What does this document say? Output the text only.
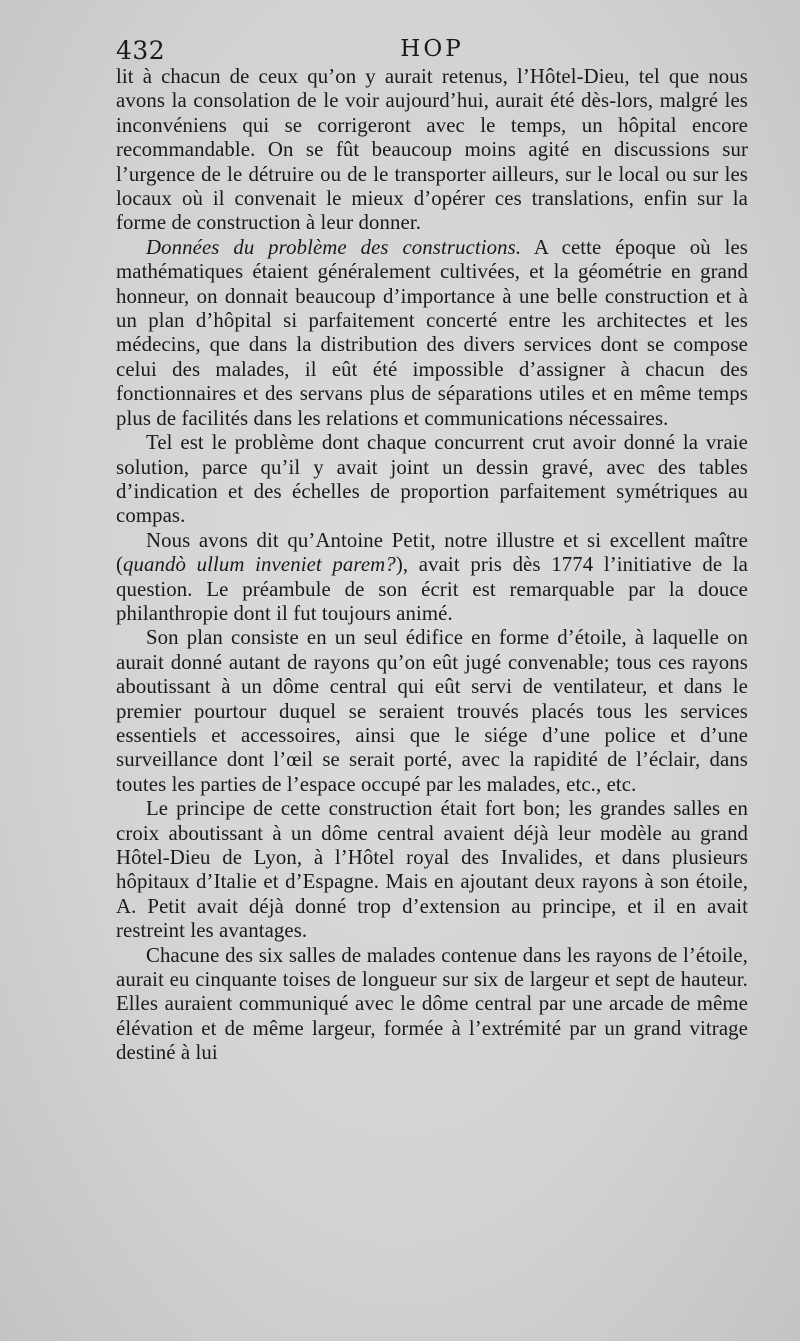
432	HOP

lit à chacun de ceux qu’on y aurait retenus, l’Hôtel-Dieu, tel que nous avons la consolation de le voir aujourd’hui, aurait été dès-lors, malgré les inconvéniens qui se corrigeront avec le temps, un hôpital encore recommandable. On se fût beaucoup moins agité en discussions sur l’urgence de le détruire ou de le transporter ailleurs, sur le local ou sur les locaux où il convenait le mieux d’opérer ces translations, enfin sur la forme de construction à leur donner.

Données du problème des constructions. A cette époque où les mathématiques étaient généralement cultivées, et la géométrie en grand honneur, on donnait beaucoup d’importance à une belle construction et à un plan d’hôpital si parfaitement concerté entre les architectes et les médecins, que dans la distribution des divers services dont se compose celui des malades, il eût été impossible d’assigner à chacun des fonctionnaires et des servans plus de séparations utiles et en même temps plus de facilités dans les relations et communications nécessaires.

Tel est le problème dont chaque concurrent crut avoir donné la vraie solution, parce qu’il y avait joint un dessin gravé, avec des tables d’indication et des échelles de proportion parfaitement symétriques au compas.

Nous avons dit qu’Antoine Petit, notre illustre et si excellent maître (quandò ullum inveniet parem?), avait pris dès 1774 l’initiative de la question. Le préambule de son écrit est remarquable par la douce philanthropie dont il fut toujours animé.

Son plan consiste en un seul édifice en forme d’étoile, à laquelle on aurait donné autant de rayons qu’on eût jugé convenable; tous ces rayons aboutissant à un dôme central qui eût servi de ventilateur, et dans le premier pourtour duquel se seraient trouvés placés tous les services essentiels et accessoires, ainsi que le siége d’une police et d’une surveillance dont l’œil se serait porté, avec la rapidité de l’éclair, dans toutes les parties de l’espace occupé par les malades, etc., etc.

Le principe de cette construction était fort bon; les grandes salles en croix aboutissant à un dôme central avaient déjà leur modèle au grand Hôtel-Dieu de Lyon, à l’Hôtel royal des Invalides, et dans plusieurs hôpitaux d’Italie et d’Espagne. Mais en ajoutant deux rayons à son étoile, A. Petit avait déjà donné trop d’extension au principe, et il en avait restreint les avantages.

Chacune des six salles de malades contenue dans les rayons de l’étoile, aurait eu cinquante toises de longueur sur six de largeur et sept de hauteur. Elles auraient communiqué avec le dôme central par une arcade de même élévation et de même largeur, formée à l’extrémité par un grand vitrage destiné à lui
